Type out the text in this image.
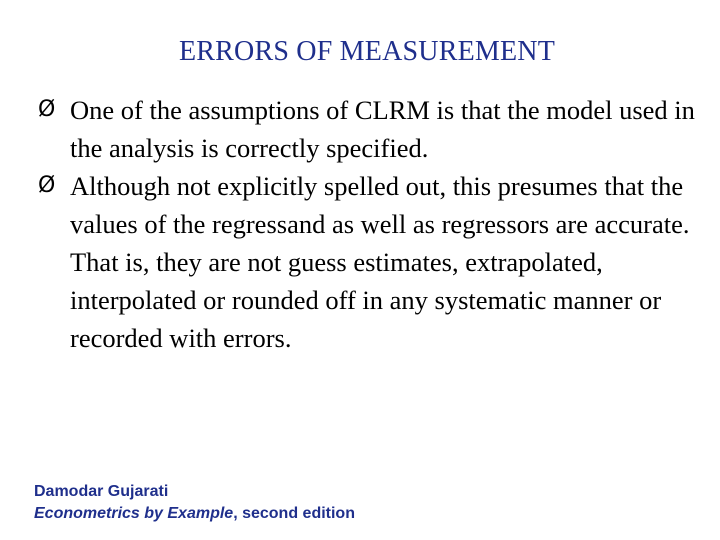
ERRORS OF MEASUREMENT
Ø One of the assumptions of CLRM is that the model used in the analysis is correctly specified.
Ø Although not explicitly spelled out, this presumes that the values of the regressand as well as regressors are accurate. That is, they are not guess estimates, extrapolated, interpolated or rounded off in any systematic manner or recorded with errors.
Damodar Gujarati
Econometrics by Example, second edition
